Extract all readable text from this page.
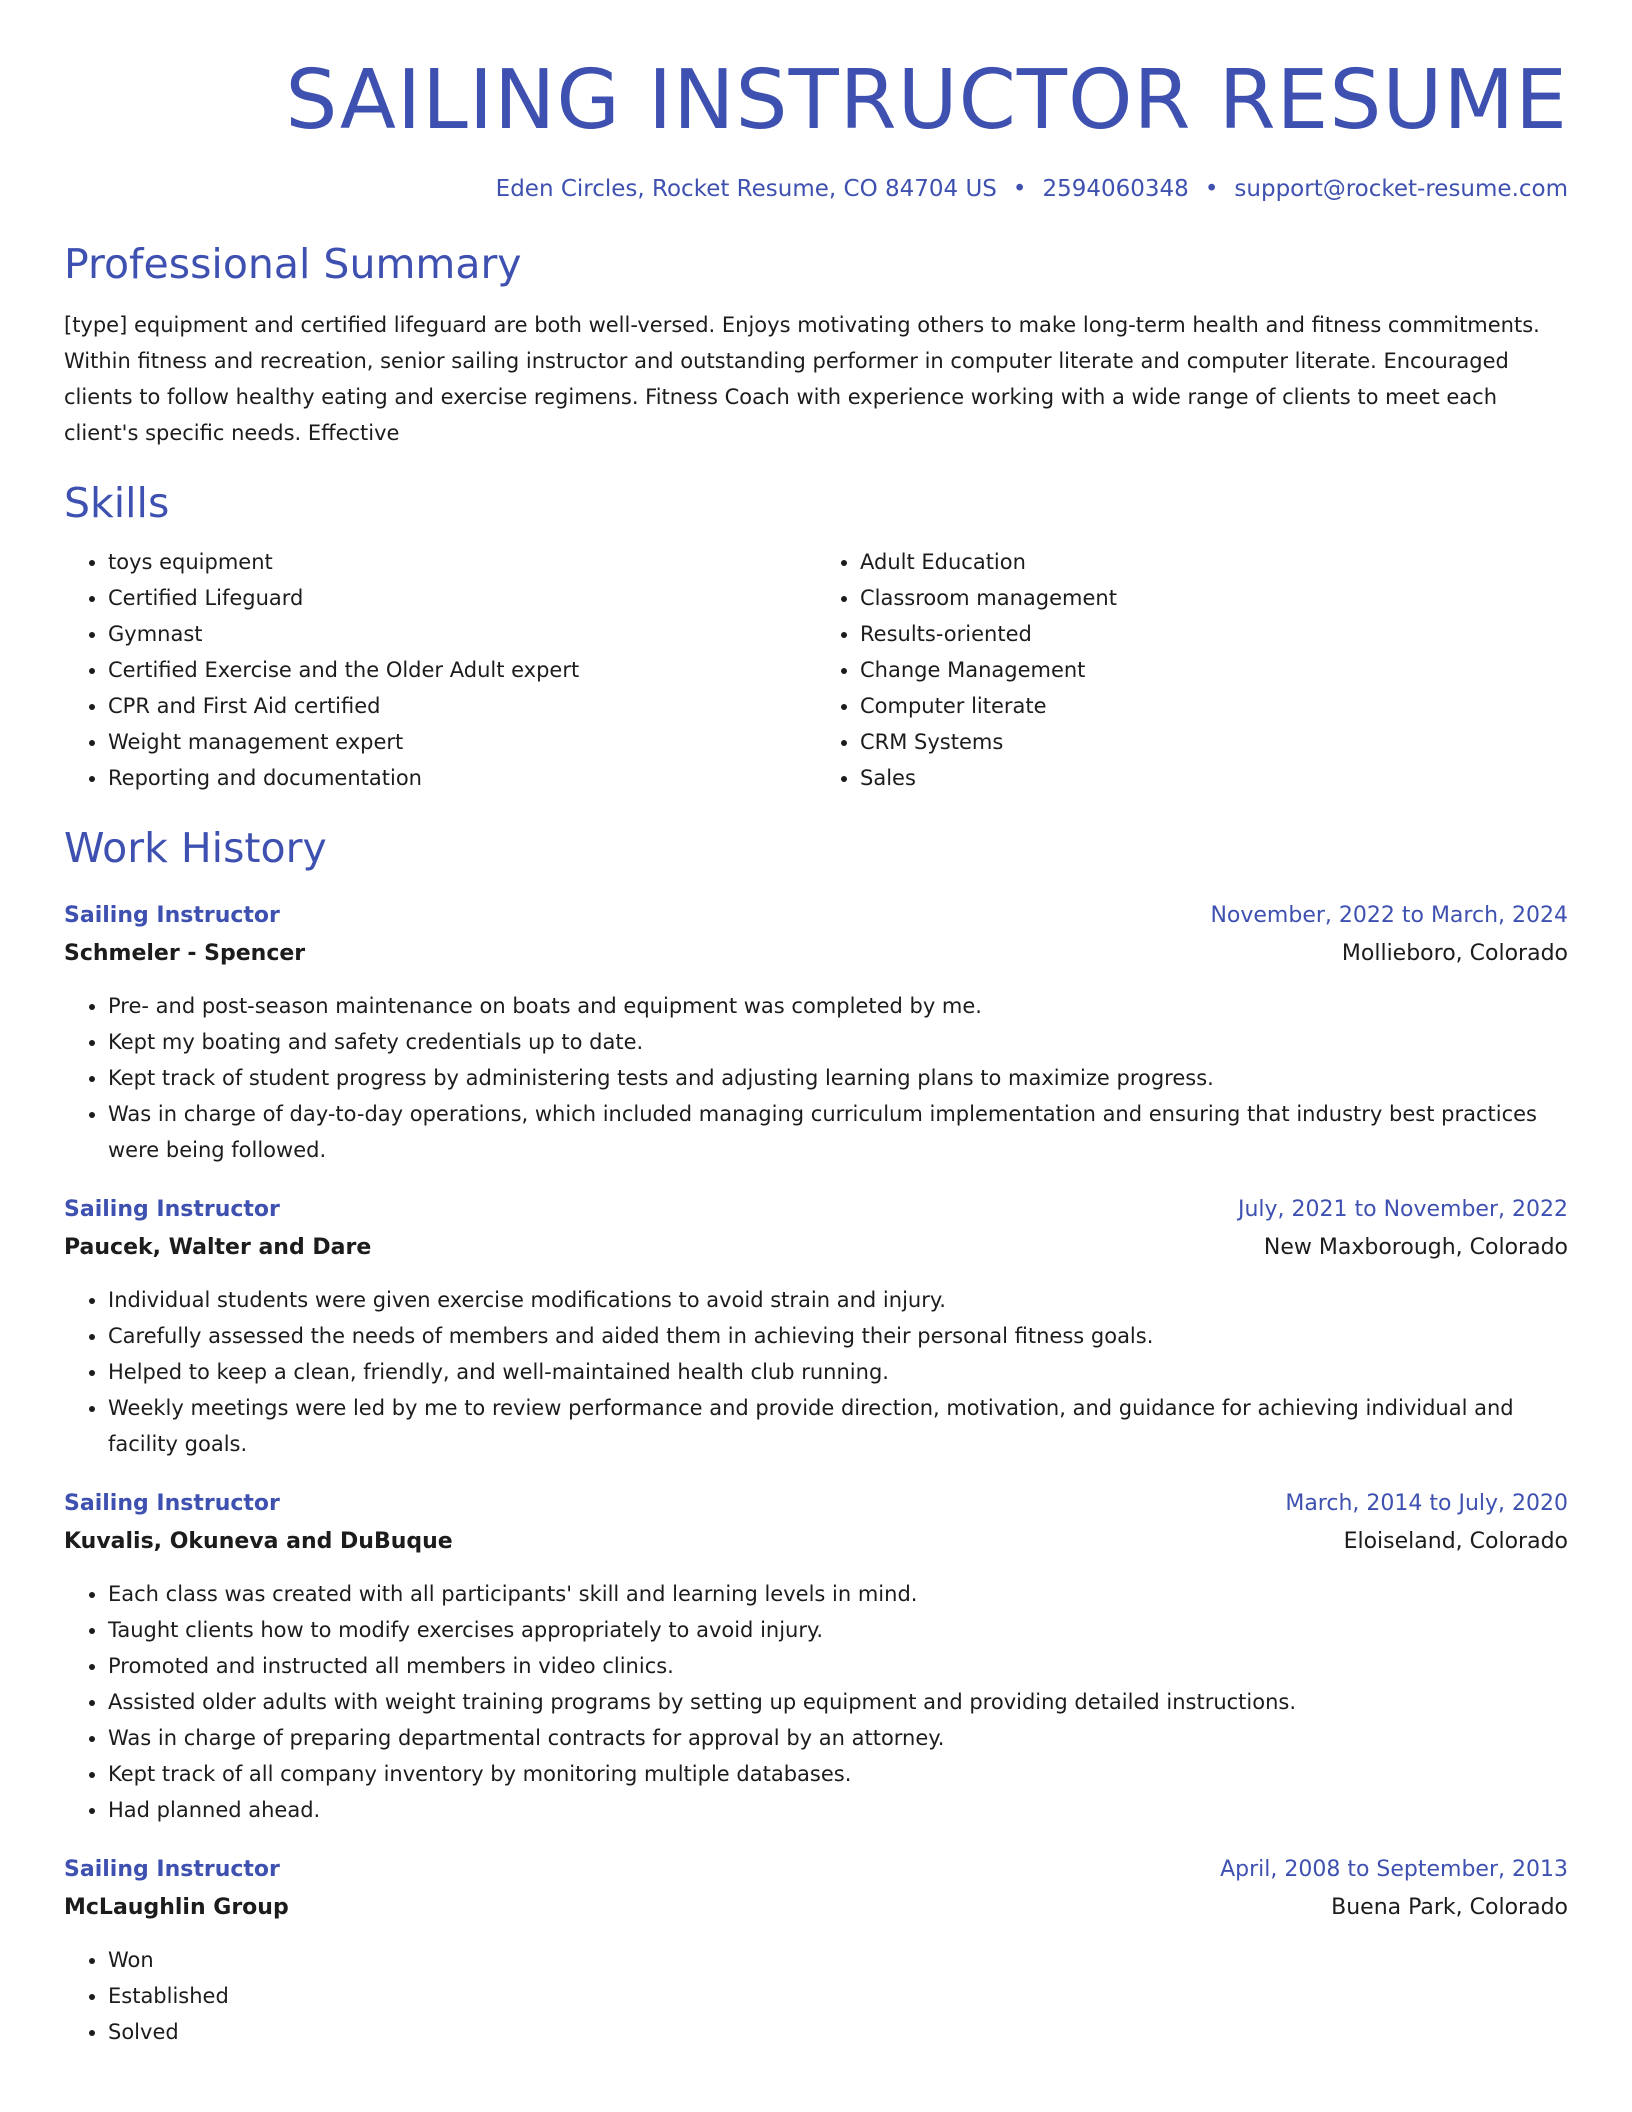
SAILING INSTRUCTOR RESUME
Eden Circles, Rocket Resume, CO 84704 US • 2594060348 • support@rocket-resume.com
Professional Summary
[type] equipment and certified lifeguard are both well-versed. Enjoys motivating others to make long-term health and fitness commitments. Within fitness and recreation, senior sailing instructor and outstanding performer in computer literate and computer literate. Encouraged clients to follow healthy eating and exercise regimens. Fitness Coach with experience working with a wide range of clients to meet each client's specific needs. Effective
Skills
• toys equipment
• Certified Lifeguard
• Gymnast
• Certified Exercise and the Older Adult expert
• CPR and First Aid certified
• Weight management expert
• Reporting and documentation
• Adult Education
• Classroom management
• Results-oriented
• Change Management
• Computer literate
• CRM Systems
• Sales
Work History
Sailing Instructor	November, 2022 to March, 2024
Schmeler - Spencer	Mollieboro, Colorado
• Pre- and post-season maintenance on boats and equipment was completed by me.
• Kept my boating and safety credentials up to date.
• Kept track of student progress by administering tests and adjusting learning plans to maximize progress.
• Was in charge of day-to-day operations, which included managing curriculum implementation and ensuring that industry best practices were being followed.
Sailing Instructor	July, 2021 to November, 2022
Paucek, Walter and Dare	New Maxborough, Colorado
• Individual students were given exercise modifications to avoid strain and injury.
• Carefully assessed the needs of members and aided them in achieving their personal fitness goals.
• Helped to keep a clean, friendly, and well-maintained health club running.
• Weekly meetings were led by me to review performance and provide direction, motivation, and guidance for achieving individual and facility goals.
Sailing Instructor	March, 2014 to July, 2020
Kuvalis, Okuneva and DuBuque	Eloiseland, Colorado
• Each class was created with all participants' skill and learning levels in mind.
• Taught clients how to modify exercises appropriately to avoid injury.
• Promoted and instructed all members in video clinics.
• Assisted older adults with weight training programs by setting up equipment and providing detailed instructions.
• Was in charge of preparing departmental contracts for approval by an attorney.
• Kept track of all company inventory by monitoring multiple databases.
• Had planned ahead.
Sailing Instructor	April, 2008 to September, 2013
McLaughlin Group	Buena Park, Colorado
• Won
• Established
• Solved
